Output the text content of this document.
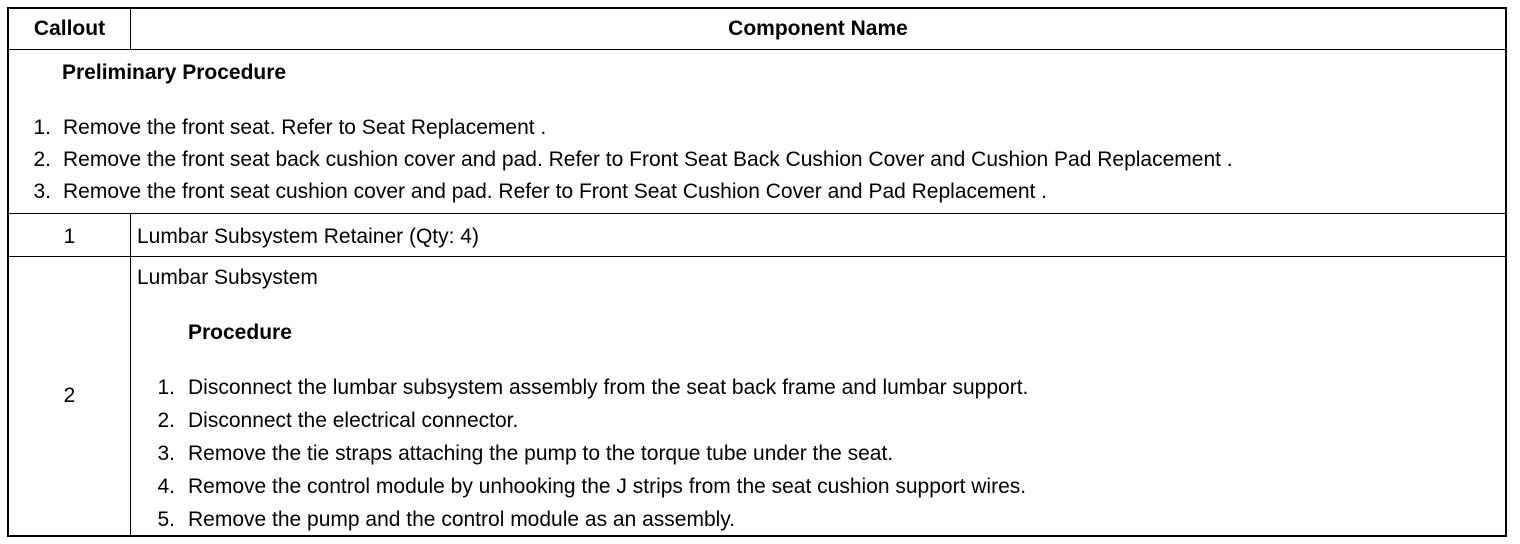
Callout	Component Name
Preliminary Procedure
1. Remove the front seat. Refer to Seat Replacement .
2. Remove the front seat back cushion cover and pad. Refer to Front Seat Back Cushion Cover and Cushion Pad Replacement .
3. Remove the front seat cushion cover and pad. Refer to Front Seat Cushion Cover and Pad Replacement .
1	Lumbar Subsystem Retainer (Qty: 4)
2
Lumbar Subsystem
Procedure
1. Disconnect the lumbar subsystem assembly from the seat back frame and lumbar support.
2. Disconnect the electrical connector.
3. Remove the tie straps attaching the pump to the torque tube under the seat.
4. Remove the control module by unhooking the J strips from the seat cushion support wires.
5. Remove the pump and the control module as an assembly.
